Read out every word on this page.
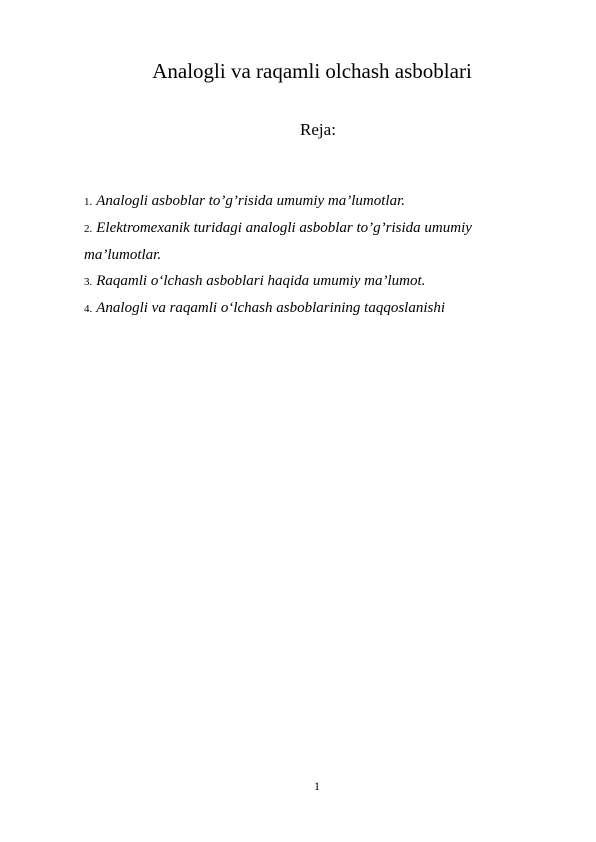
Analogli va raqamli olchash asboblari
Reja:
1. Analogli asboblar to’g’risida umumiy ma’lumotlar.
2. Elektromexanik turidagi analogli asboblar to’g’risida umumiy ma’lumotlar.
3. Raqamli o‘lchash asboblari haqida umumiy ma’lumot.
4. Analogli va raqamli o‘lchash asboblarining taqqoslanishi
1
